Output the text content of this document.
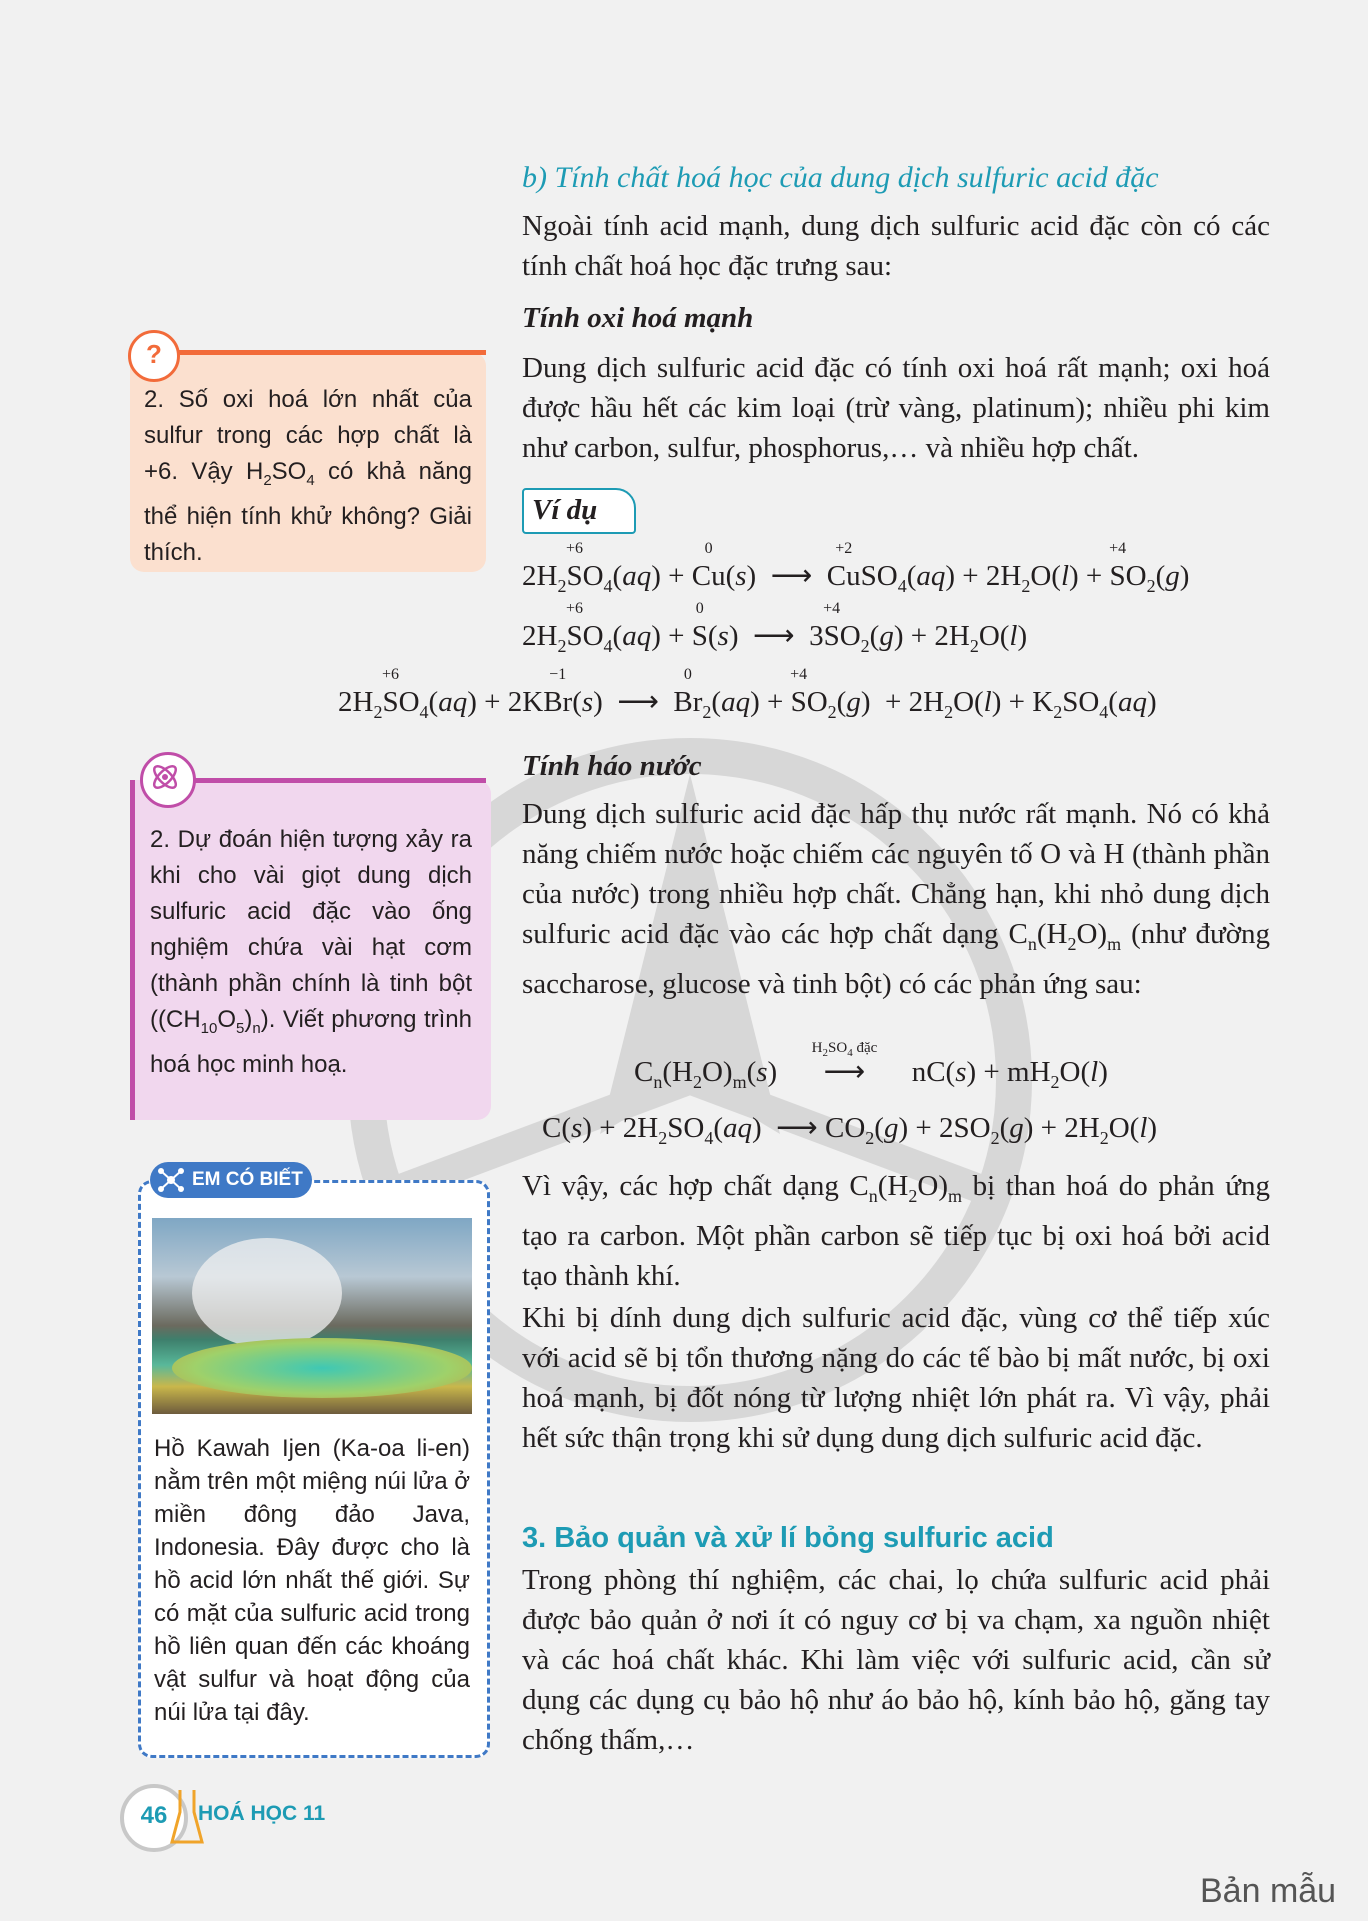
b) Tính chất hoá học của dung dịch sulfuric acid đặc
Ngoài tính acid mạnh, dung dịch sulfuric acid đặc còn có các tính chất hoá học đặc trưng sau:
Tính oxi hoá mạnh
Dung dịch sulfuric acid đặc có tính oxi hoá rất mạnh; oxi hoá được hầu hết các kim loại (trừ vàng, platinum); nhiều phi kim như carbon, sulfur, phosphorus,… và nhiều hợp chất.
Ví dụ
$2H_2S$
+6
$O_4(aq) + Cu$
0
(s)  ⟶  Cu
+2
$SO_4(aq) + 2H_2O(l) + S$
+4
$O_2(g)$
$2H_2S$
+6
$O_4(aq) + S$
0
(s)  ⟶  3S
+4
$O_2(g) + 2H_2O(l)$
$2H_2S$
+6
$O_4(aq) + 2KBr$
−1
(s)  ⟶  Br
0
$_2$(aq) + S
+4
$O_2(g) + 2H_2O(l) + K_2SO_4(aq)$
Tính háo nước
Dung dịch sulfuric acid đặc hấp thụ nước rất mạnh. Nó có khả năng chiếm nước hoặc chiếm các nguyên tố O và H (thành phần của nước) trong nhiều hợp chất. Chẳng hạn, khi nhỏ dung dịch sulfuric acid đặc vào các hợp chất dạng $C_n(H_2O)_m$ (như đường saccharose, glucose và tinh bột) có các phản ứng sau:
$C_n(H_2O)_m(s)$
$H_2SO_4$ đặc
⟶ $nC(s) + mH_2O(l)$
$C(s) + 2H_2SO_4(aq)$  ⟶ $CO_2(g) + 2SO_2(g) + 2H_2O(l)$
Vì vậy, các hợp chất dạng $C_n(H_2O)_m$ bị than hoá do phản ứng tạo ra carbon. Một phần carbon sẽ tiếp tục bị oxi hoá bởi acid tạo thành khí.
Khi bị dính dung dịch sulfuric acid đặc, vùng cơ thể tiếp xúc với acid sẽ bị tổn thương nặng do các tế bào bị mất nước, bị oxi hoá mạnh, bị đốt nóng từ lượng nhiệt lớn phát ra. Vì vậy, phải hết sức thận trọng khi sử dụng dung dịch sulfuric acid đặc.
3. Bảo quản và xử lí bỏng sulfuric acid
Trong phòng thí nghiệm, các chai, lọ chứa sulfuric acid phải được bảo quản ở nơi ít có nguy cơ bị va chạm, xa nguồn nhiệt và các hoá chất khác. Khi làm việc với sulfuric acid, cần sử dụng các dụng cụ bảo hộ như áo bảo hộ, kính bảo hộ, găng tay chống thấm,…
?
2. Số oxi hoá lớn nhất của sulfur trong các hợp chất là +6. Vậy $H_2SO_4$ có khả năng thể hiện tính khử không? Giải thích.
2. Dự đoán hiện tượng xảy ra khi cho vài giọt dung dịch sulfuric acid đặc vào ống nghiệm chứa vài hạt cơm (thành phần chính là tinh bột $((CH_{10}O_5)_n)$. Viết phương trình hoá học minh hoạ.
EM CÓ BIẾT
Hồ Kawah Ijen (Ka-oa li-en) nằm trên một miệng núi lửa ở miền đông đảo Java, Indonesia. Đây được cho là hồ acid lớn nhất thế giới. Sự có mặt của sulfuric acid trong hồ liên quan đến các khoáng vật sulfur và hoạt động của núi lửa tại đây.
46	HOÁ HỌC 11
Bản mẫu
